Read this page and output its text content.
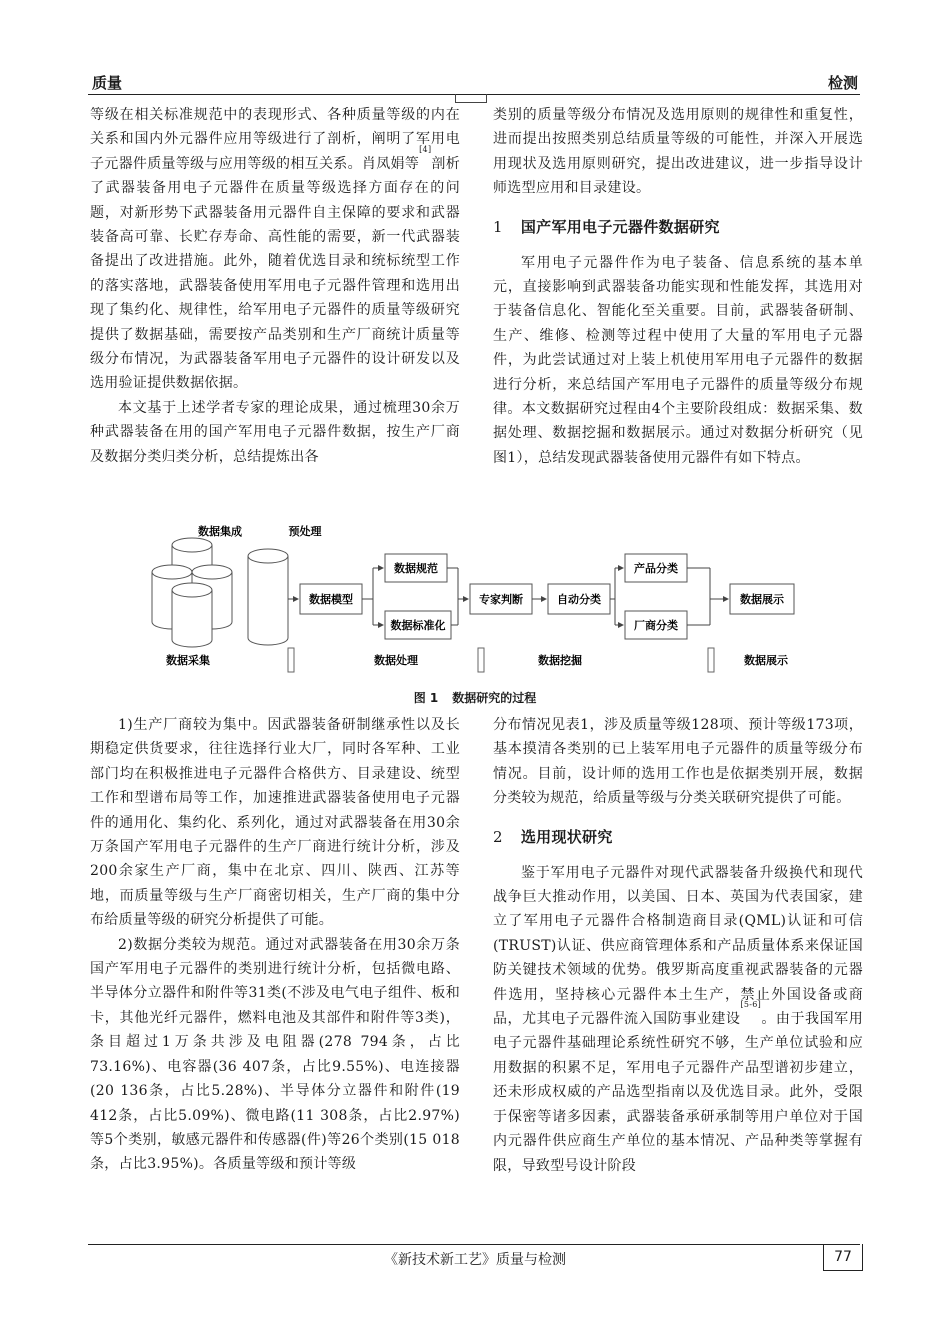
质量	检测

等级在相关标准规范中的表现形式、各种质量等级的内在关系和国内外元器件应用等级进行了剖析，阐明了军用电子元器件质量等级与应用等级的相互关系。肖凤娟等[4]剖析了武器装备用电子元器件在质量等级选择方面存在的问题，对新形势下武器装备用元器件自主保障的要求和武器装备高可靠、长贮存寿命、高性能的需要，新一代武器装备提出了改进措施。此外，随着优选目录和统标统型工作的落实落地，武器装备使用军用电子元器件管理和选用出现了集约化、规律性，给军用电子元器件的质量等级研究提供了数据基础，需要按产品类别和生产厂商统计质量等级分布情况，为武器装备军用电子元器件的设计研发以及选用验证提供数据依据。

本文基于上述学者专家的理论成果，通过梳理30余万种武器装备在用的国产军用电子元器件数据，按生产厂商及数据分类归类分析，总结提炼出各

类别的质量等级分布情况及选用原则的规律性和重复性，进而提出按照类别总结质量等级的可能性，并深入开展选用现状及选用原则研究，提出改进建议，进一步指导设计师选型应用和目录建设。

1 国产军用电子元器件数据研究

军用电子元器件作为电子装备、信息系统的基本单元，直接影响到武器装备功能实现和性能发挥，其选用对于装备信息化、智能化至关重要。目前，武器装备研制、生产、维修、检测等过程中使用了大量的军用电子元器件，为此尝试通过对上装上机使用军用电子元器件的数据进行分析，来总结国产军用电子元器件的质量等级分布规律。本文数据研究过程由4个主要阶段组成：数据采集、数据处理、数据挖掘和数据展示。通过对数据分析研究（见图1），总结发现武器装备使用元器件有如下特点。

数据集成	预处理
数据模型
数据规范
数据标准化
专家判断	自动分类
产品分类
厂商分类
数据展示
数据采集	数据处理	数据挖掘	数据展示
图 1 数据研究的过程

1)生产厂商较为集中。因武器装备研制继承性以及长期稳定供货要求，往往选择行业大厂，同时各军种、工业部门均在积极推进电子元器件合格供方、目录建设、统型工作和型谱布局等工作，加速推进武器装备使用电子元器件的通用化、集约化、系列化，通过对武器装备在用30余万条国产军用电子元器件的生产厂商进行统计分析，涉及200余家生产厂商，集中在北京、四川、陕西、江苏等地，而质量等级与生产厂商密切相关，生产厂商的集中分布给质量等级的研究分析提供了可能。

2)数据分类较为规范。通过对武器装备在用30余万条国产军用电子元器件的类别进行统计分析，包括微电路、半导体分立器件和附件等31类(不涉及电气电子组件、板和卡，其他光纤元器件，燃料电池及其部件和附件等3类)，条目超过1万条共涉及电阻器(278 794条，占比73.16%)、电容器(36 407条，占比9.55%)、电连接器(20 136条，占比5.28%)、半导体分立器件和附件(19 412条，占比5.09%)、微电路(11 308条，占比2.97%)等5个类别，敏感元器件和传感器(件)等26个类别(15 018条，占比3.95%)。各质量等级和预计等级

分布情况见表1，涉及质量等级128项、预计等级173项，基本摸清各类别的已上装军用电子元器件的质量等级分布情况。目前，设计师的选用工作也是依据类别开展，数据分类较为规范，给质量等级与分类关联研究提供了可能。

2 选用现状研究

鉴于军用电子元器件对现代武器装备升级换代和现代战争巨大推动作用，以美国、日本、英国为代表国家，建立了军用电子元器件合格制造商目录(QML)认证和可信(TRUST)认证、供应商管理体系和产品质量体系来保证国防关键技术领域的优势。俄罗斯高度重视武器装备的元器件选用，坚持核心元器件本土生产，禁止外国设备或商品，尤其电子元器件流入国防事业建设[5-6]。由于我国军用电子元器件基础理论系统性研究不够，生产单位试验和应用数据的积累不足，军用电子元器件产品型谱初步建立，还未形成权威的产品选型指南以及优选目录。此外，受限于保密等诸多因素，武器装备承研承制等用户单位对于国内元器件供应商生产单位的基本情况、产品种类等掌握有限，导致型号设计阶段

《新技术新工艺》质量与检测	77
